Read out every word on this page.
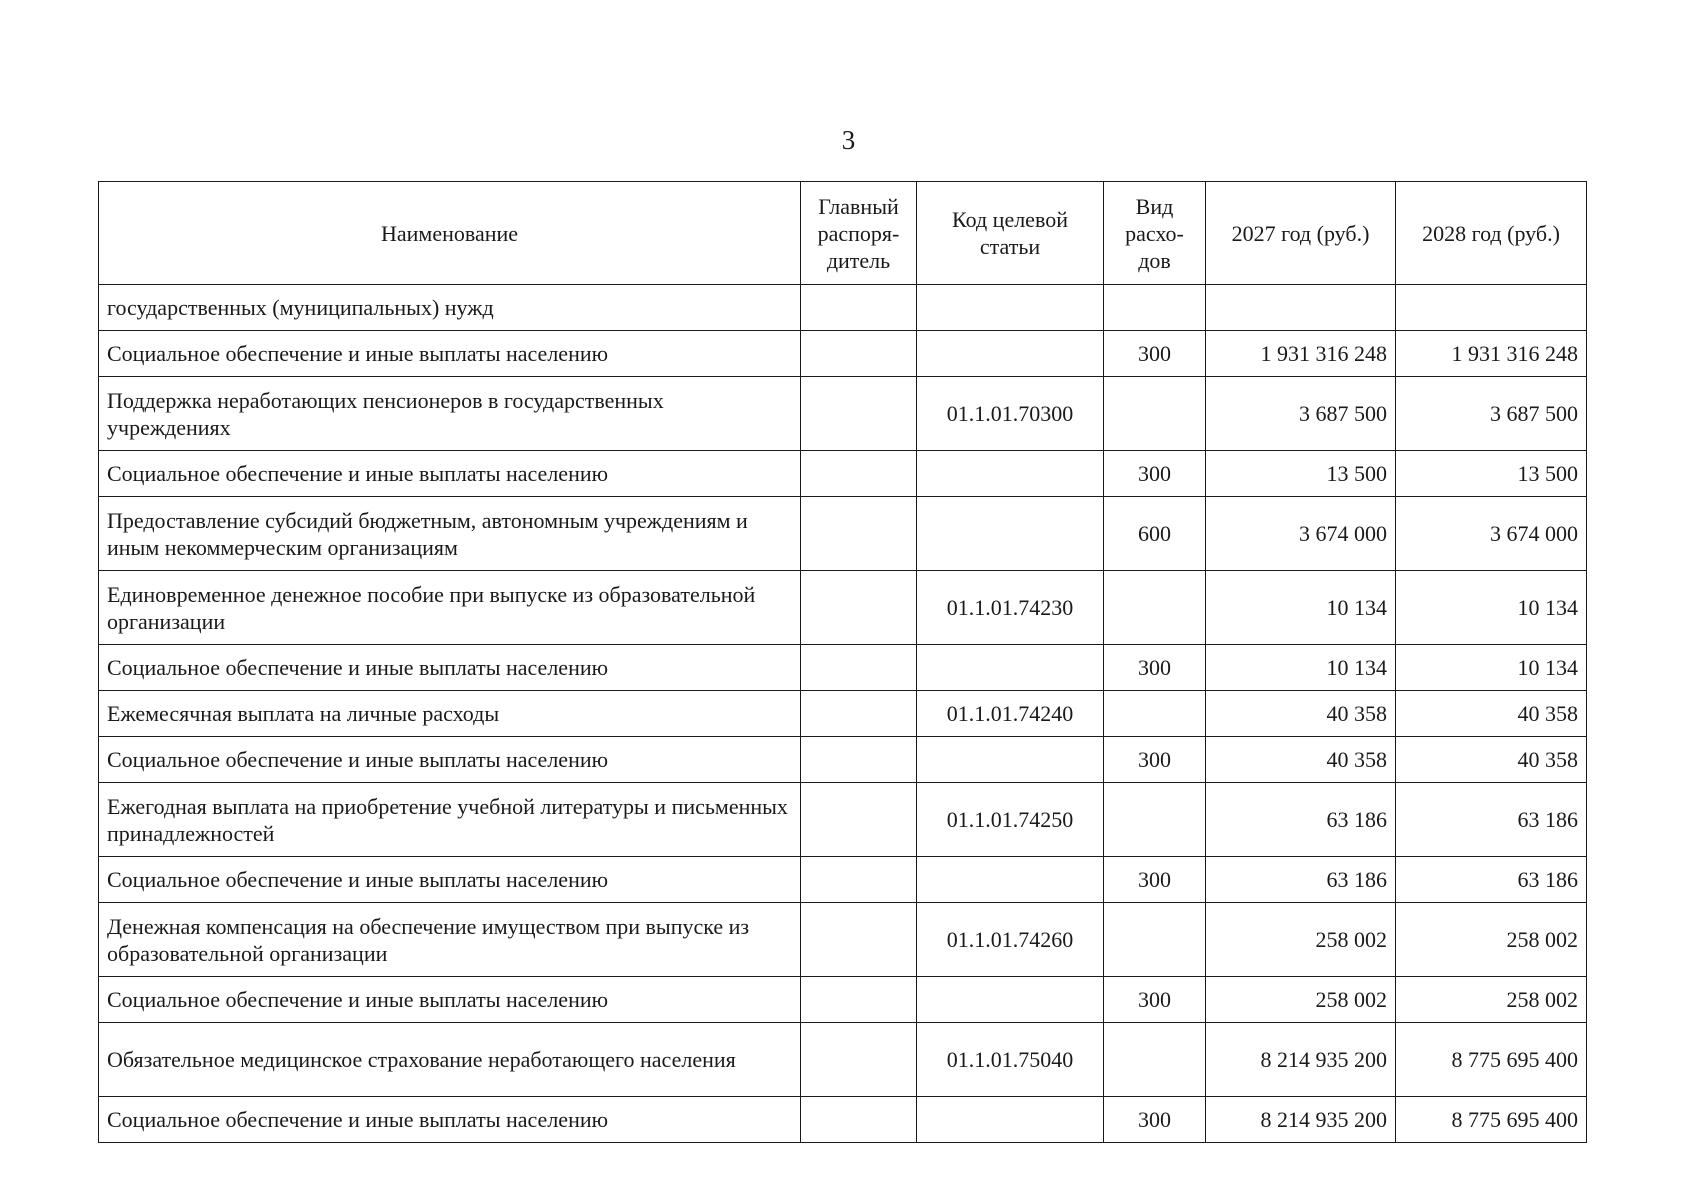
3
Наименование	Главный распоря-дитель	Код целевой статьи	Вид расхо-дов	2027 год (руб.)	2028 год (руб.)
государственных (муниципальных) нужд					
Социальное обеспечение и иные выплаты населению			300	1 931 316 248	1 931 316 248
Поддержка неработающих пенсионеров в государственных учреждениях		01.1.01.70300		3 687 500	3 687 500
Социальное обеспечение и иные выплаты населению			300	13 500	13 500
Предоставление субсидий бюджетным, автономным учреждениям и иным некоммерческим организациям			600	3 674 000	3 674 000
Единовременное денежное пособие при выпуске из образовательной организации		01.1.01.74230		10 134	10 134
Социальное обеспечение и иные выплаты населению			300	10 134	10 134
Ежемесячная выплата на личные расходы		01.1.01.74240		40 358	40 358
Социальное обеспечение и иные выплаты населению			300	40 358	40 358
Ежегодная выплата на приобретение учебной литературы и письменных принадлежностей		01.1.01.74250		63 186	63 186
Социальное обеспечение и иные выплаты населению			300	63 186	63 186
Денежная компенсация на обеспечение имуществом при выпуске из образовательной организации		01.1.01.74260		258 002	258 002
Социальное обеспечение и иные выплаты населению			300	258 002	258 002
Обязательное медицинское страхование неработающего населения		01.1.01.75040		8 214 935 200	8 775 695 400
Социальное обеспечение и иные выплаты населению			300	8 214 935 200	8 775 695 400
